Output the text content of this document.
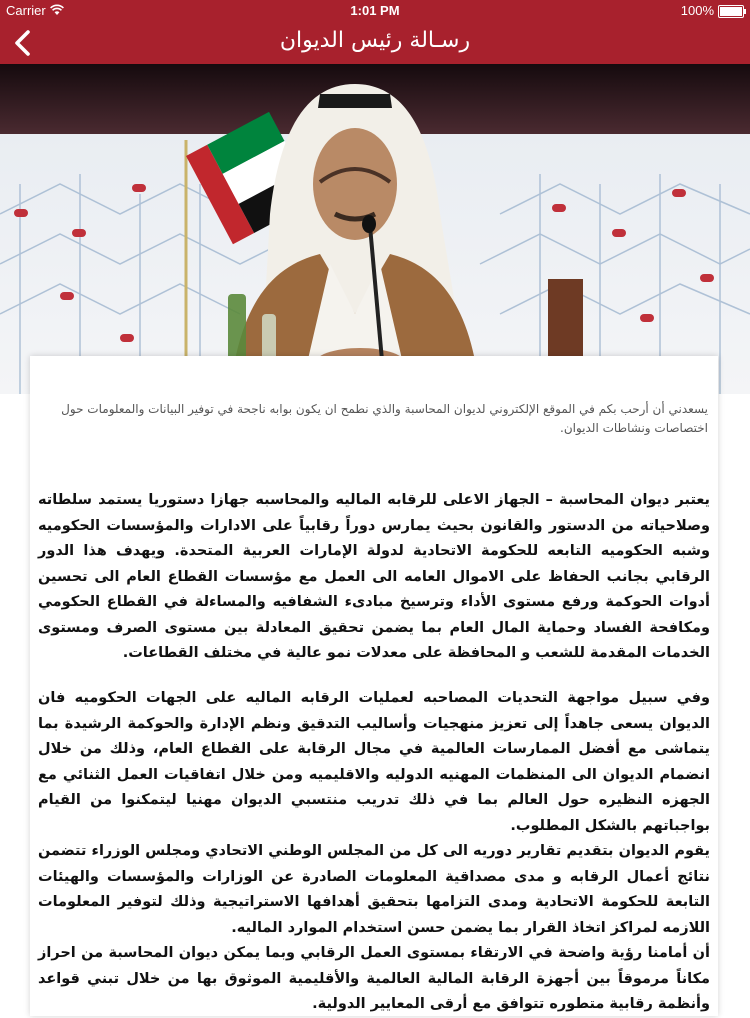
Carrier	1:01 PM	100%
رسـالة رئيس الديوان
يسعدني أن أرحب بكم في الموقع الإلكتروني لديوان المحاسبة والذي نطمح ان يكون بوابه ناجحة في توفير البيانات والمعلومات حول اختصاصات ونشاطات الديوان.
يعتبر ديوان المحاسبة – الجهاز الاعلى للرقابه الماليه والمحاسبه جهازا دستوريا يستمد سلطاته وصلاحياته من الدستور والقانون بحيث يمارس دوراً رقابياً على الادارات والمؤسسات الحكوميه وشبه الحكوميه التابعه للحكومة الاتحادية لدولة الإمارات العربية المتحدة. ويهدف هذا الدور الرقابي بجانب الحفاظ على الاموال العامه الى العمل مع مؤسسات القطاع العام الى تحسين أدوات الحوكمة ورفع مستوى الأداء وترسيخ مبادىء الشفافيه والمساءلة في القطاع الحكومي ومكافحة الفساد وحماية المال العام بما يضمن تحقيق المعادلة بين مستوى الصرف ومستوى الخدمات المقدمة للشعب و المحافظة على معدلات نمو عالية في مختلف القطاعات.
وفي سبيل مواجهة التحديات المصاحبه لعمليات الرقابه الماليه على الجهات الحكوميه فان الديوان يسعى جاهداً إلى تعزيز منهجيات وأساليب التدقيق ونظم الإدارة والحوكمة الرشيدة بما يتماشى مع أفضل الممارسات العالمية في مجال الرقابة على القطاع العام، وذلك من خلال انضمام الديوان الى المنظمات المهنيه الدوليه والاقليميه ومن خلال اتفاقيات العمل الثنائي مع الجهزه النظيره حول العالم بما في ذلك تدريب منتسبي الديوان مهنيا ليتمكنوا من القيام بواجباتهم بالشكل المطلوب.
يقوم الديوان بتقديم تقارير دوريه الى كل من المجلس الوطني الاتحادي ومجلس الوزراء تتضمن نتائج أعمال الرقابه و مدى مصداقية المعلومات الصادرة عن الوزارات والمؤسسات والهيئات التابعة للحكومة الاتحادية ومدى التزامها بتحقيق أهدافها الاستراتيجية وذلك لتوفير المعلومات اللازمه لمراكز اتخاذ القرار بما يضمن حسن استخدام الموارد الماليه.
أن أمامنا رؤية واضحة في الارتقاء بمستوى العمل الرقابي وبما يمكن ديوان المحاسبة من احراز مكاناً مرموقاً بين أجهزة الرقابة المالية العالمية والأقليمية الموثوق بها من خلال تبني قواعد وأنظمة رقابية متطوره تتوافق مع أرقى المعايير الدولية.
